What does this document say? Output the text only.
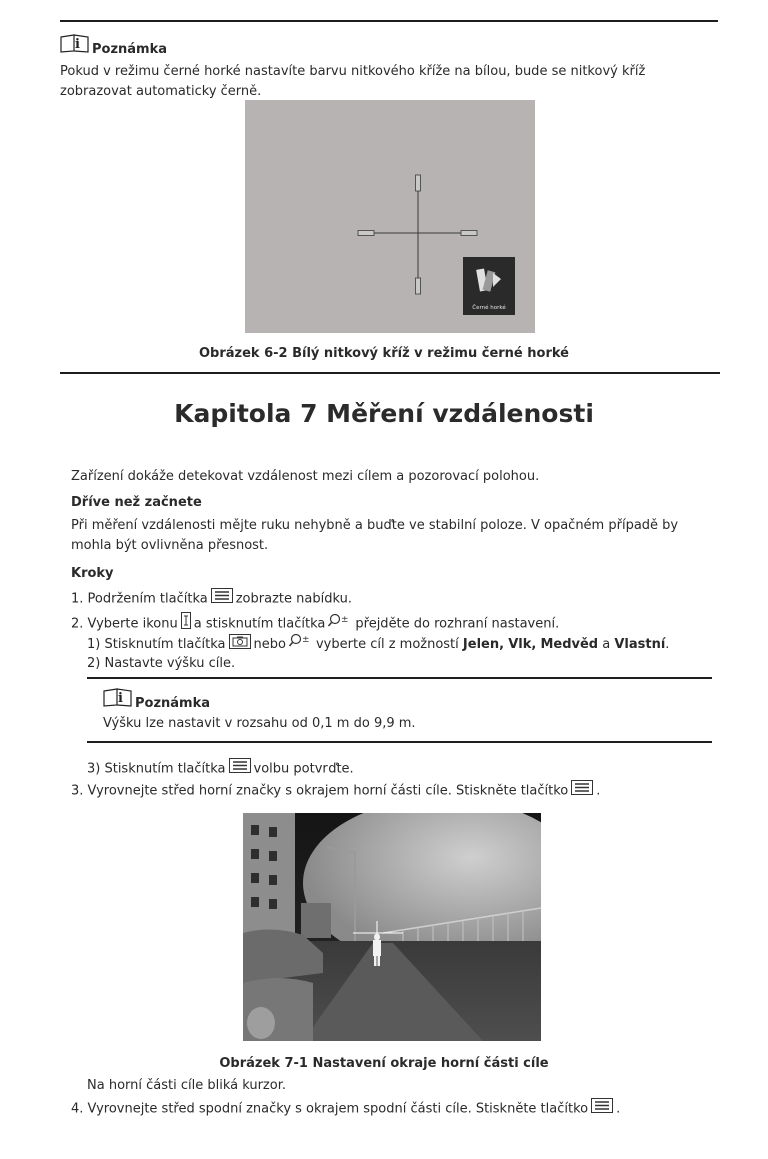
i Poznámka
Pokud v režimu černé horké nastavíte barvu nitkového kříže na bílou, bude se nitkový kříž
zobrazovat automaticky černě.
Černé horké
Obrázek 6-2 Bílý nitkový kříž v režimu černé horké
Kapitola 7 Měření vzdálenosti
Zařízení dokáže detekovat vzdálenost mezi cílem a pozorovací polohou.
Dříve než začnete
Při měření vzdálenosti mějte ruku nehybně a buďte ve stabilní poloze. V opačném případě by
mohla být ovlivněna přesnost.
Kroky
1. Podržením tlačítka zobrazte nabídku.
2. Vyberte ikonu a stisknutím tlačítka ± přejděte do rozhraní nastavení.
1) Stisknutím tlačítka nebo ± vyberte cíl z možností Jelen, Vlk, Medvěd a Vlastní.
2) Nastavte výšku cíle.
i Poznámka
Výšku lze nastavit v rozsahu od 0,1 m do 9,9 m.
3) Stisknutím tlačítka volbu potvrďte.
3. Vyrovnejte střed horní značky s okrajem horní části cíle. Stiskněte tlačítko .
Obrázek 7-1 Nastavení okraje horní části cíle
Na horní části cíle bliká kurzor.
4. Vyrovnejte střed spodní značky s okrajem spodní části cíle. Stiskněte tlačítko .
